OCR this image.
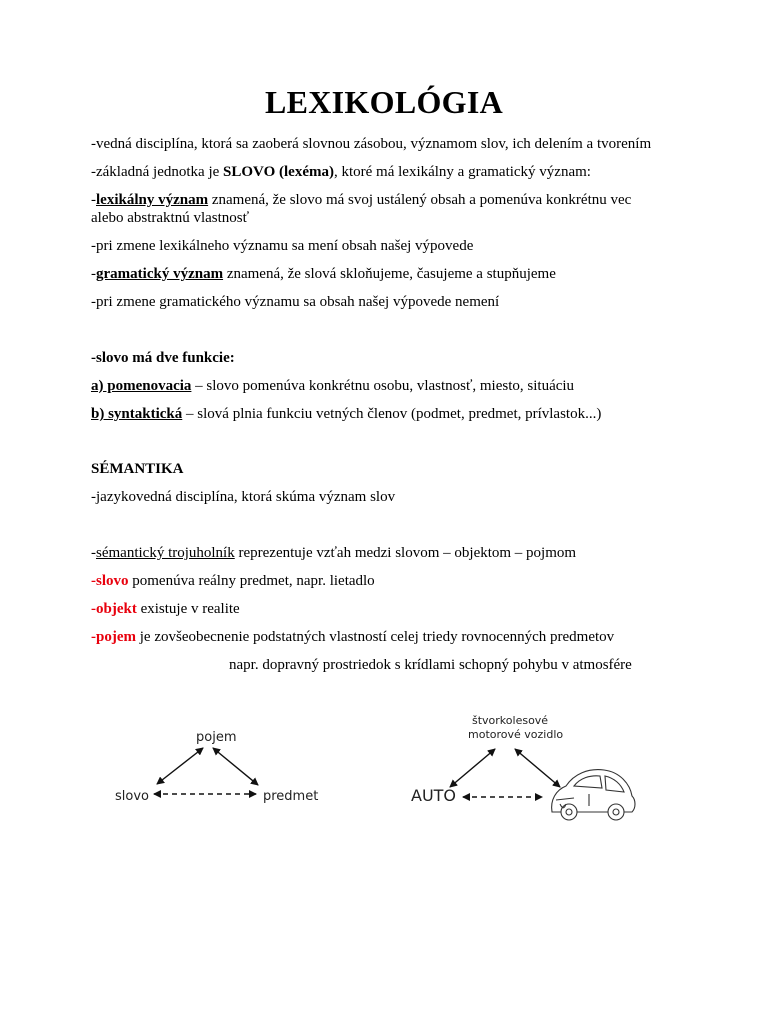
LEXIKOLÓGIA
-vedná disciplína, ktorá sa zaoberá slovnou zásobou, významom slov, ich delením a tvorením
-základná jednotka je SLOVO (lexéma), ktoré má lexikálny a gramatický význam:
-lexikálny význam znamená, že slovo má svoj ustálený obsah a pomenúva konkrétnu vec
alebo abstraktnú vlastnosť
-pri zmene lexikálneho významu sa mení obsah našej výpovede
-gramatický význam znamená, že slová skloňujeme, časujeme a stupňujeme
-pri zmene gramatického významu sa obsah našej výpovede nemení
-slovo má dve funkcie:
a) pomenovacia – slovo pomenúva konkrétnu osobu, vlastnosť, miesto, situáciu
b) syntaktická – slová plnia funkciu vetných členov (podmet, predmet, prívlastok...)
SÉMANTIKA
-jazykovedná disciplína, ktorá skúma význam slov
-sémantický trojuholník reprezentuje vzťah medzi slovom – objektom – pojmom
-slovo pomenúva reálny predmet, napr. lietadlo
-objekt existuje v realite
-pojem je zovšeobecnenie podstatných vlastností celej triedy rovnocenných predmetov
napr. dopravný prostriedok s krídlami schopný pohybu v atmosfére
pojem
slovo	predmet
štvorkolesové
motorové vozidlo
AUTO
